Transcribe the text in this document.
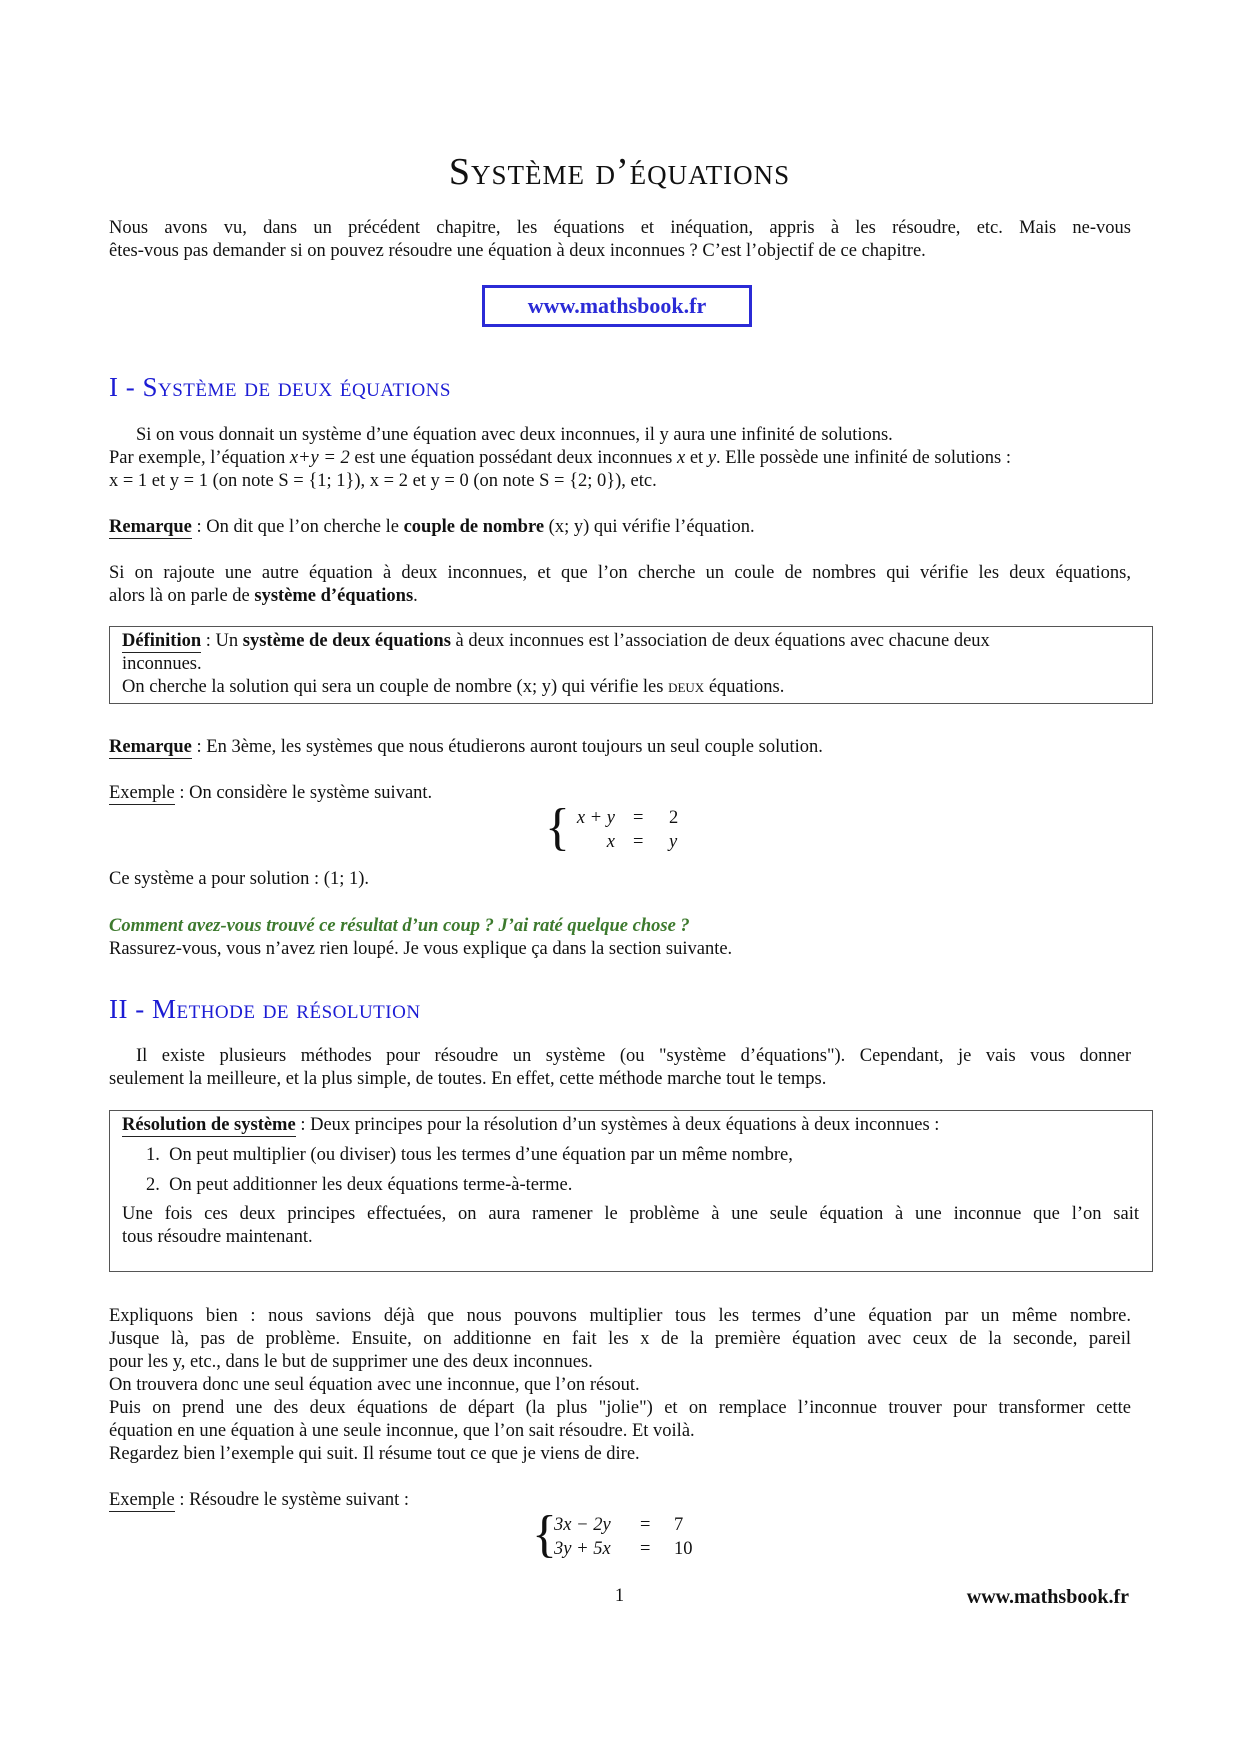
Système d’équations
Nous avons vu, dans un précédent chapitre, les équations et inéquation, appris à les résoudre, etc. Mais ne-vous
êtes-vous pas demander si on pouvez résoudre une équation à deux inconnues ? C’est l’objectif de ce chapitre.
www.mathsbook.fr
I - Système de deux équations
Si on vous donnait un système d’une équation avec deux inconnues, il y aura une infinité de solutions.
Par exemple, l’équation x+y = 2 est une équation possédant deux inconnues x et y. Elle possède une infinité de solutions :
x = 1 et y = 1 (on note S = {1; 1}), x = 2 et y = 0 (on note S = {2; 0}), etc.
Remarque : On dit que l’on cherche le couple de nombre (x; y) qui vérifie l’équation.
Si on rajoute une autre équation à deux inconnues, et que l’on cherche un coule de nombres qui vérifie les deux équations,
alors là on parle de système d’équations.
Définition : Un système de deux équations à deux inconnues est l’association de deux équations avec chacune deux
inconnues.
On cherche la solution qui sera un couple de nombre (x; y) qui vérifie les deux équations.
Remarque : En 3ème, les systèmes que nous étudierons auront toujours un seul couple solution.
Exemple : On considère le système suivant.
{ x + y = 2
x = y
Ce système a pour solution : (1; 1).
Comment avez-vous trouvé ce résultat d’un coup ? J’ai raté quelque chose ?
Rassurez-vous, vous n’avez rien loupé. Je vous explique ça dans la section suivante.
II - Methode de résolution
Il existe plusieurs méthodes pour résoudre un système (ou "système d’équations"). Cependant, je vais vous donner
seulement la meilleure, et la plus simple, de toutes. En effet, cette méthode marche tout le temps.
Résolution de système : Deux principes pour la résolution d’un systèmes à deux équations à deux inconnues :
1.  On peut multiplier (ou diviser) tous les termes d’une équation par un même nombre,
2.  On peut additionner les deux équations terme-à-terme.
Une fois ces deux principes effectuées, on aura ramener le problème à une seule équation à une inconnue que l’on sait
tous résoudre maintenant.
Expliquons bien : nous savions déjà que nous pouvons multiplier tous les termes d’une équation par un même nombre.
Jusque là, pas de problème. Ensuite, on additionne en fait les x de la première équation avec ceux de la seconde, pareil
pour les y, etc., dans le but de supprimer une des deux inconnues.
On trouvera donc une seul équation avec une inconnue, que l’on résout.
Puis on prend une des deux équations de départ (la plus "jolie") et on remplace l’inconnue trouver pour transformer cette
équation en une équation à une seule inconnue, que l’on sait résoudre. Et voilà.
Regardez bien l’exemple qui suit. Il résume tout ce que je viens de dire.
Exemple : Résoudre le système suivant :
{
3x − 2y = 7
3y + 5x = 10
1	www.mathsbook.fr
